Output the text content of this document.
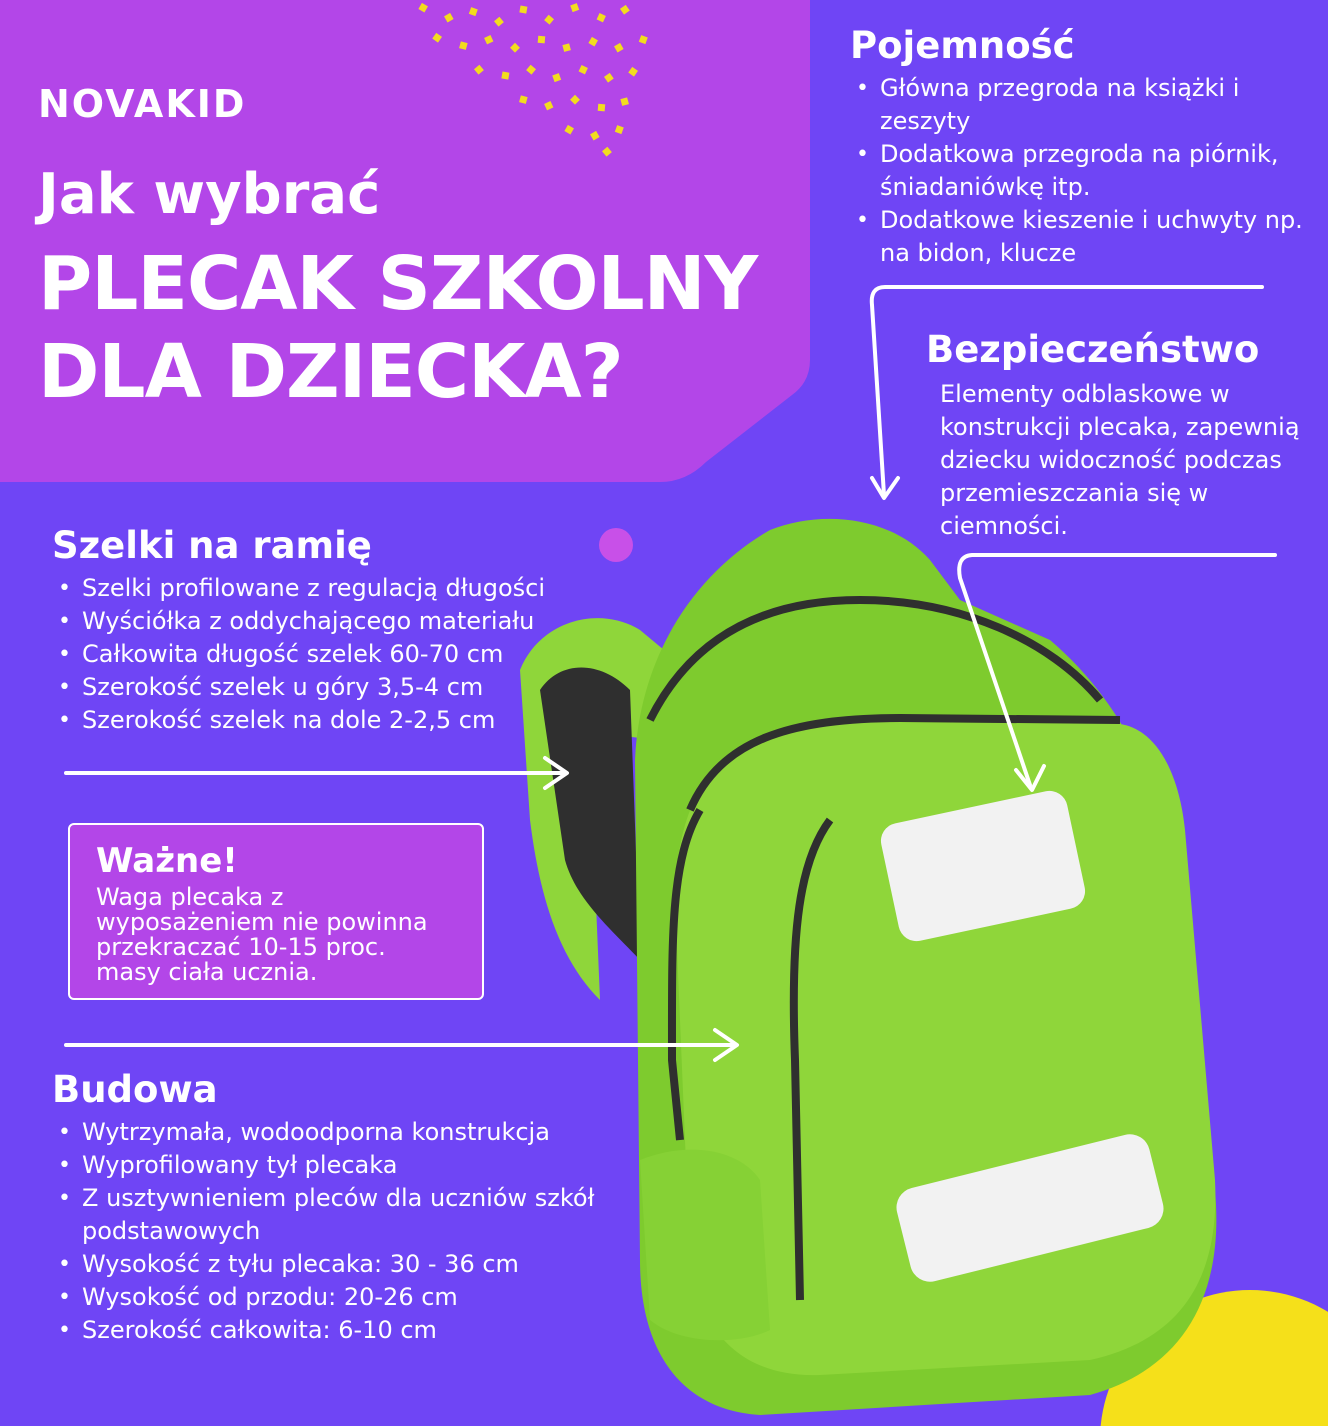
NOVAKID
Jak wybrać
PLECAK SZKOLNY
DLA DZIECKA?
Pojemność
• Główna przegroda na książki i zeszyty
• Dodatkowa przegroda na piórnik, śniadaniówkę itp.
• Dodatkowe kieszenie i uchwyty np. na bidon, klucze
Bezpieczeństwo

Elementy odblaskowe w konstrukcji plecaka, zapewnią dziecku widoczność podczas przemieszczania się w ciemności.

Szelki na ramię
• Szelki profilowane z regulacją długości
• Wyściółka z oddychającego materiału
• Całkowita długość szelek 60-70 cm
• Szerokość szelek u góry 3,5-4 cm
• Szerokość szelek na dole 2-2,5 cm
Ważne!

Waga plecaka z wyposażeniem nie powinna przekraczać 10-15 proc. masy ciała ucznia.

Budowa
• Wytrzymała, wodoodporna konstrukcja
• Wyprofilowany tył plecaka
• Z usztywnieniem pleców dla uczniów szkół podstawowych
• Wysokość z tyłu plecaka: 30 - 36 cm
• Wysokość od przodu: 20-26 cm
• Szerokość całkowita: 6-10 cm
